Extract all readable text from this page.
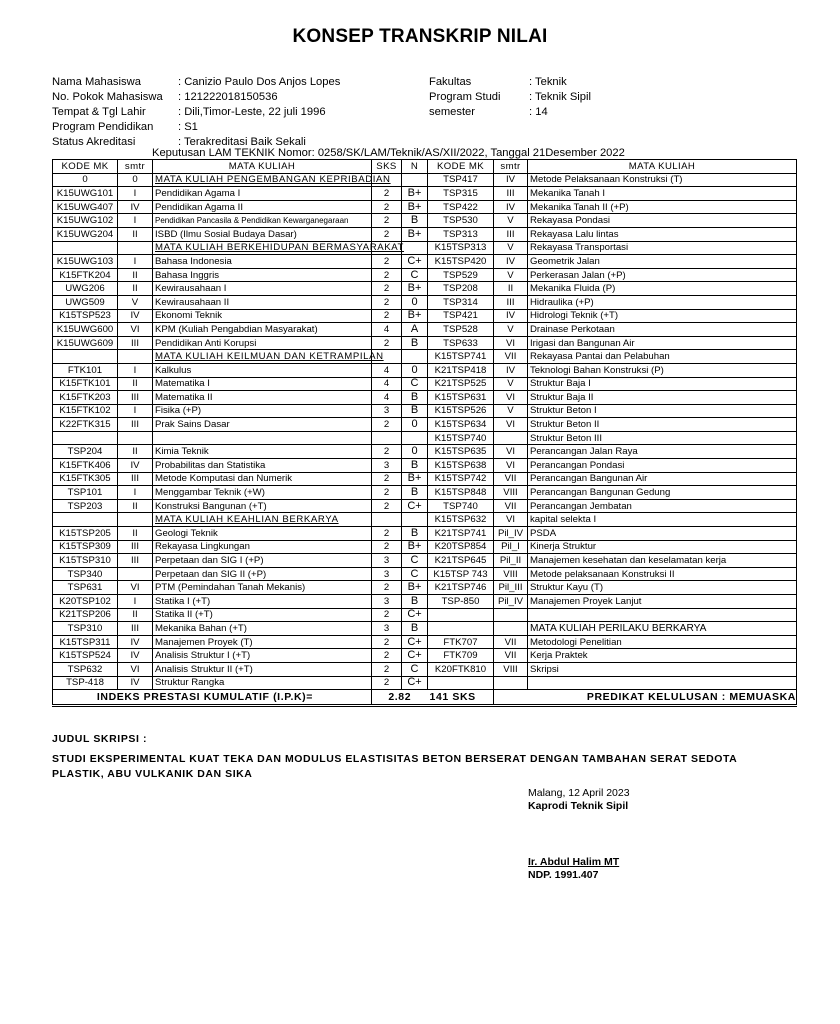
KONSEP TRANSKRIP NILAI
Nama Mahasiswa	: Canizio Paulo Dos Anjos Lopes
No. Pokok Mahasiswa : 121222018150536
Tempat & Tgl Lahir	: Dili,Timor-Leste, 22 juli 1996
Program Pendidikan : S1
Status Akreditasi	: Terakreditasi Baik Sekali
Fakultas	: Teknik
Program Studi	: Teknik Sipil
semester	: 14
Keputusan LAM TEKNIK Nomor: 0258/SK/LAM/Teknik/AS/XII/2022, Tanggal 21Desember 2022
KODE MK	smtr	MATA KULIAH	SKS	N	KODE MK	smtr	MATA KULIAH
0	0	MATA KULIAH PENGEMBANGAN KEPRIBADIAN			TSP417	IV	Metode Pelaksanaan Konstruksi (T)
K15UWG101	I	Pendidikan Agama I	2	B+	TSP315	III	Mekanika Tanah I
K15UWG407	IV	Pendidikan Agama II	2	B+	TSP422	IV	Mekanika Tanah II (+P)
K15UWG102	I	Pendidikan Pancasila & Pendidikan Kewarganegaraan	2	B	TSP530	V	Rekayasa Pondasi
K15UWG204	II	ISBD (Ilmu Sosial Budaya Dasar)	2	B+	TSP313	III	Rekayasa Lalu lintas
		MATA KULIAH BERKEHIDUPAN BERMASYARAKAT			K15TSP313	V	Rekayasa Transportasi
K15UWG103	I	Bahasa Indonesia	2	C+	K15TSP420	IV	Geometrik Jalan
K15FTK204	II	Bahasa Inggris	2	C	TSP529	V	Perkerasan Jalan (+P)
UWG206	II	Kewirausahaan I	2	B+	TSP208	II	Mekanika Fluida (P)
UWG509	V	Kewirausahaan II	2	0	TSP314	III	Hidraulika (+P)
K15TSP523	IV	Ekonomi Teknik	2	B+	TSP421	IV	Hidrologi Teknik (+T)
K15UWG600	VI	KPM (Kuliah Pengabdian Masyarakat)	4	A	TSP528	V	Drainase Perkotaan
K15UWG609	III	Pendidikan Anti Korupsi	2	B	TSP633	VI	Irigasi dan Bangunan Air
		MATA KULIAH KEILMUAN DAN KETRAMPILAN			K15TSP741	VII	Rekayasa Pantai dan Pelabuhan
FTK101	I	Kalkulus	4	0	K21TSP418	IV	Teknologi Bahan Konstruksi (P)
K15FTK101	II	Matematika I	4	C	K21TSP525	V	Struktur Baja I
K15FTK203	III	Matematika II	4	B	K15TSP631	VI	Struktur Baja II
K15FTK102	I	Fisika (+P)	3	B	K15TSP526	V	Struktur Beton I
K22FTK315	III	Prak Sains Dasar	2	0	K15TSP634	VI	Struktur Beton II
					K15TSP740		Struktur Beton III
TSP204	II	Kimia Teknik	2	0	K15TSP635	VI	Perancangan Jalan Raya
K15FTK406	IV	Probabilitas dan Statistika	3	B	K15TSP638	VI	Perancangan Pondasi
K15FTK305	III	Metode Komputasi dan Numerik	2	B+	K15TSP742	VII	Perancangan Bangunan Air
TSP101	I	Menggambar Teknik (+W)	2	B	K15TSP848	VIII	Perancangan Bangunan Gedung
TSP203	II	Konstruksi Bangunan (+T)	2	C+	TSP740	VII	Perancangan Jembatan
		MATA KULIAH KEAHLIAN BERKARYA			K15TSP632	VI	kapital selekta I
K15TSP205	II	Geologi Teknik	2	B	K21TSP741	Pil_IV	PSDA
K15TSP309	III	Rekayasa Lingkungan	2	B+	K20TSP854	Pil_I	Kinerja Struktur
K15TSP310	III	Perpetaan dan SIG I (+P)	3	C	K21TSP645	Pil_II	Manajemen kesehatan dan keselamatan kerja
TSP340		Perpetaan dan SIG II (+P)	3	C	K15TSP 743	VIII	Metode pelaksanaan Konstruksi II
TSP631	VI	PTM (Pemindahan Tanah Mekanis)	2	B+	K21TSP746	Pil_III	Struktur Kayu (T)
K20TSP102	I	Statika I (+T)	3	B	TSP-850	Pil_IV	Manajemen Proyek Lanjut
K21TSP206	II	Statika II (+T)	2	C+			
TSP310	III	Mekanika Bahan (+T)	3	B			MATA KULIAH PERILAKU BERKARYA
K15TSP311	IV	Manajemen Proyek (T)	2	C+	FTK707	VII	Metodologi Penelitian
K15TSP524	IV	Analisis Struktur I (+T)	2	C+	FTK709	VII	Kerja Praktek
TSP632	VI	Analisis Struktur II (+T)	2	C	K20FTK810	VIII	Skripsi
TSP-418	IV	Struktur Rangka	2	C+			
INDEKS PRESTASI KUMULATIF (I.P.K)=			2.82		141 SKS	PREDIKAT KELULUSAN : MEMUASKA	
JUDUL SKRIPSI :
STUDI EKSPERIMENTAL KUAT TEKA DAN MODULUS ELASTISITAS BETON BERSERAT DENGAN TAMBAHAN SERAT SEDOTA
PLASTIK, ABU VULKANIK DAN SIKA
Malang, 12 April 2023
Kaprodi Teknik Sipil
Ir. Abdul Halim MT
NDP. 1991.407
